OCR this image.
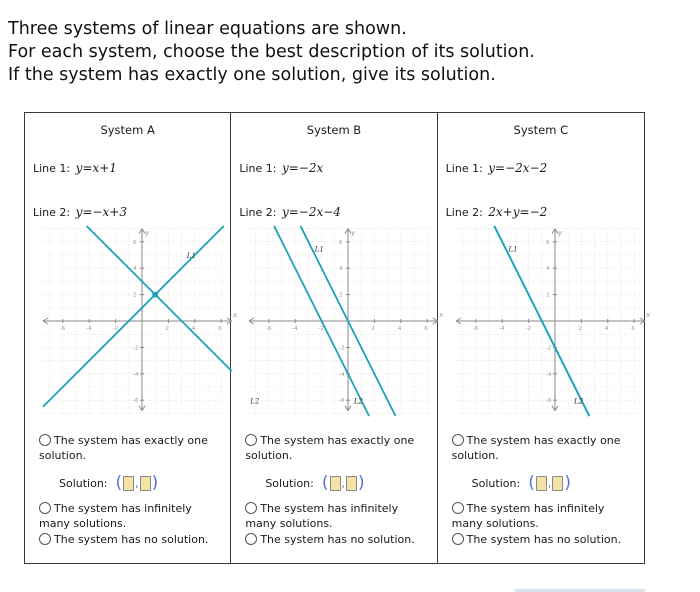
Three systems of linear equations are shown.
For each system, choose the best description of its solution.
If the system has exactly one solution, give its solution.
System A
Line 1: y=x+1
Line 2: y=−x+3
x
y
-6	-4	-2	2	4	6
6
4
2
-2
-4
-6
L1
L2
The system has exactly one solution.
Solution:
( , )
The system has infinitely many solutions.
The system has no solution.
System B
Line 1: y=−2x
Line 2: y=−2x−4
x
y
-6	-4	-2	2	4	6
6
4
2
-2
-4
-6
L1
L2
The system has exactly one solution.
Solution:
( , )
The system has infinitely many solutions.
The system has no solution.
System C
Line 1: y=−2x−2
Line 2: 2x+y=−2
x
y
-6	-4	-2	2	4	6
6
4
2
-2
-4
-6
L1
L2
The system has exactly one solution.
Solution:
( , )
The system has infinitely many solutions.
The system has no solution.
